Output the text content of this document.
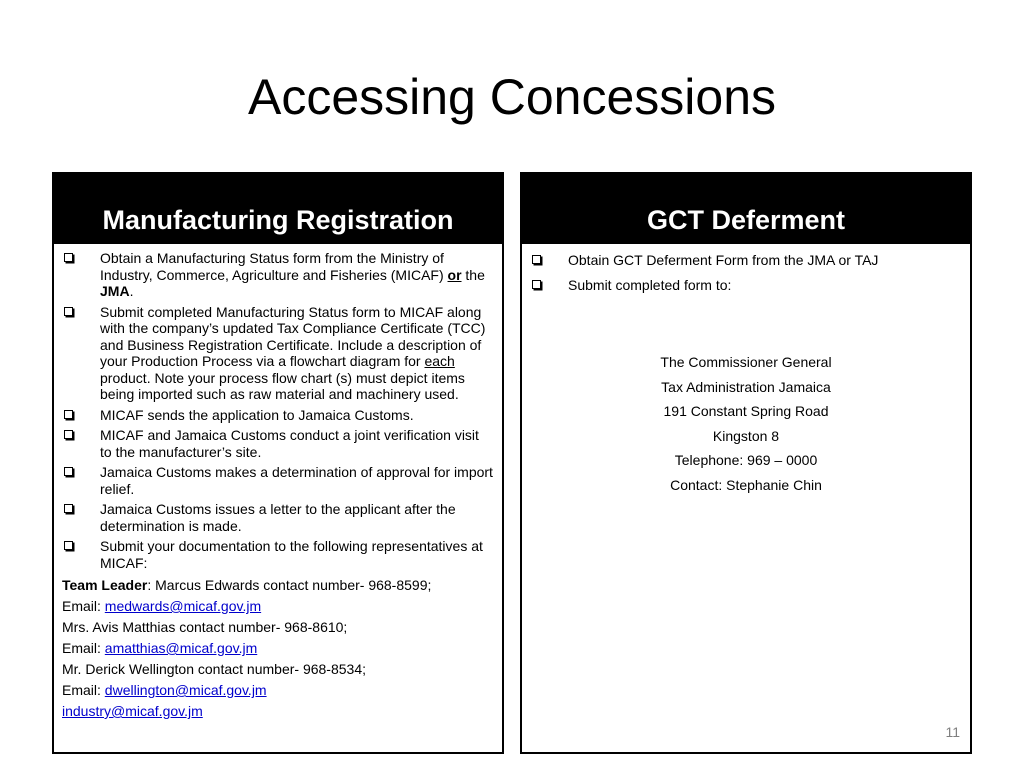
Accessing Concessions
Manufacturing Registration
Obtain a Manufacturing Status form from the Ministry of Industry, Commerce, Agriculture and Fisheries (MICAF) or the JMA.
Submit completed Manufacturing Status form to MICAF along with the company’s updated Tax Compliance Certificate (TCC) and Business Registration Certificate. Include a description of your Production Process via a flowchart diagram for each product. Note your process flow chart (s) must depict items being imported such as raw material and machinery used.
MICAF sends the application to Jamaica Customs.
MICAF and Jamaica Customs conduct a joint verification visit to the manufacturer’s site.
Jamaica Customs makes a determination of approval for import relief.
Jamaica Customs issues a letter to the applicant after the determination is made.
Submit your documentation to the following representatives at MICAF:
Team Leader: Marcus Edwards contact number- 968-8599;
Email: medwards@micaf.gov.jm
Mrs. Avis Matthias contact number- 968-8610;
Email: amatthias@micaf.gov.jm
Mr. Derick Wellington contact number- 968-8534;
Email: dwellington@micaf.gov.jm
industry@micaf.gov.jm
GCT Deferment
Obtain GCT Deferment Form from the JMA or TAJ
Submit completed form to:
The Commissioner General
Tax Administration Jamaica
191 Constant Spring Road
Kingston 8
Telephone: 969 – 0000
Contact: Stephanie Chin
11
